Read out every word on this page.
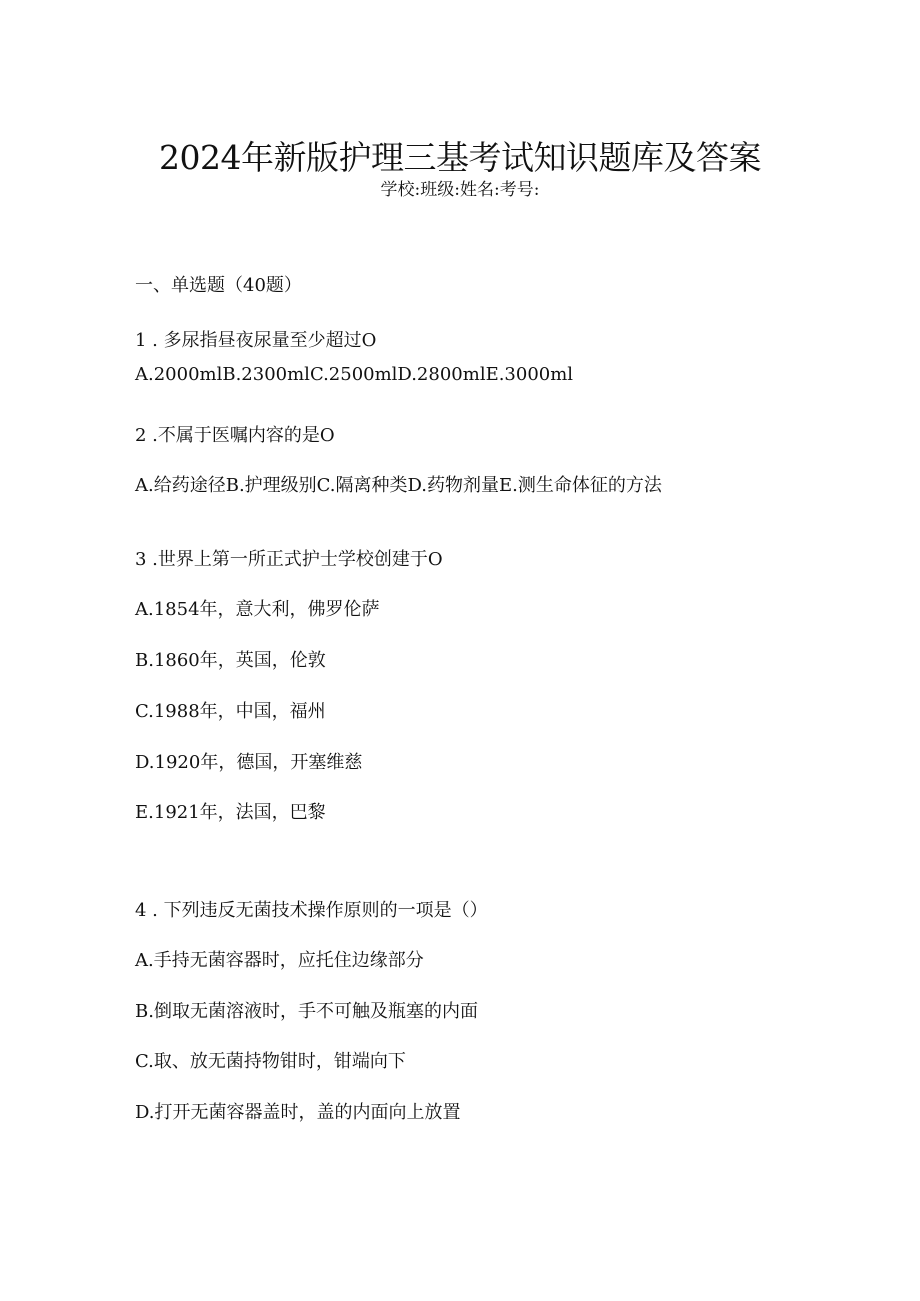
2024年新版护理三基考试知识题库及答案
学校:班级:姓名:考号:
一、单选题（40题）
1 . 多尿指昼夜尿量至少超过O
A.2000mlB.2300mlC.2500mlD.2800mlE.3000ml
2 .不属于医嘱内容的是O
A.给药途径B.护理级别C.隔离种类D.药物剂量E.测生命体征的方法
3 .世界上第一所正式护士学校创建于O
A.1854年，意大利，佛罗伦萨
B.1860年，英国，伦敦
C.1988年，中国，福州
D.1920年，德国，开塞维慈
E.1921年，法国，巴黎
4 . 下列违反无菌技术操作原则的一项是（）
A.手持无菌容器时，应托住边缘部分
B.倒取无菌溶液时，手不可触及瓶塞的内面
C.取、放无菌持物钳时，钳端向下
D.打开无菌容器盖时，盖的内面向上放置
